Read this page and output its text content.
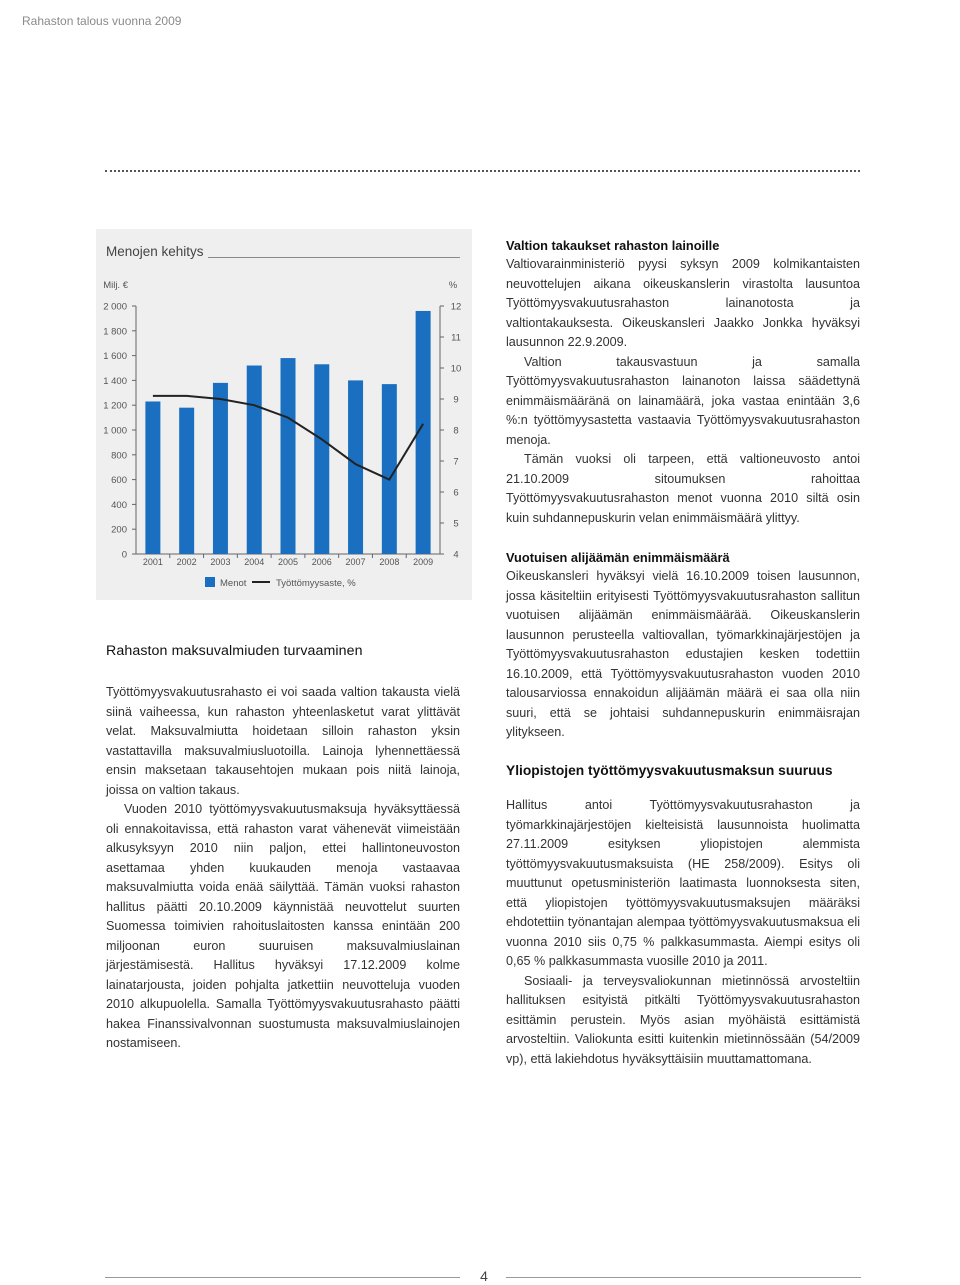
Rahaston talous vuonna 2009
Menojen kehitys
Milj. €	%
0
200
400
600
800
1 000
1 200
1 400
1 600
1 800
2 000
4
5
6
7
8
9
10
11
12
2001 2002 2003 2004 2005 2006 2007 2008 2009
Menot	Työttömyysaste, %
Rahaston maksuvalmiuden turvaaminen

Työttömyysvakuutusrahasto ei voi saada valtion takausta vielä siinä vaiheessa, kun rahaston yhteenlasketut varat ylittävät velat. Maksuvalmiutta hoidetaan silloin rahaston yksin vastattavilla maksuvalmiusluotoilla. Lainoja lyhennettäessä ensin maksetaan takausehtojen mukaan pois niitä lainoja, joissa on valtion takaus.

Vuoden 2010 työttömyysvakuutusmaksuja hyväksyttäessä oli ennakoitavissa, että rahaston varat vähenevät viimeistään alkusyksyyn 2010 niin paljon, ettei hallintoneuvoston asettamaa yhden kuukauden menoja vastaavaa maksuvalmiutta voida enää säilyttää. Tämän vuoksi rahaston hallitus päätti 20.10.2009 käynnistää neuvottelut suurten Suomessa toimivien rahoituslaitosten kanssa enintään 200 miljoonan euron suuruisen maksuvalmiuslainan järjestämisestä. Hallitus hyväksyi 17.12.2009 kolme lainatarjousta, joiden pohjalta jatkettiin neuvotteluja vuoden 2010 alkupuolella. Samalla Työttömyysvakuutusrahasto päätti hakea Finanssivalvonnan suostumusta maksuvalmiuslainojen nostamiseen.

Valtion takaukset rahaston lainoille

Valtiovarainministeriö pyysi syksyn 2009 kolmikantaisten neuvottelujen aikana oikeuskanslerin virastolta lausuntoa Työttömyysvakuutusrahaston lainanotosta ja valtiontakauksesta. Oikeuskansleri Jaakko Jonkka hyväksyi lausunnon 22.9.2009.

Valtion takausvastuun ja samalla Työttömyysvakuutusrahaston lainanoton laissa säädettynä enimmäismääränä on lainamäärä, joka vastaa enintään 3,6 %:n työttömyysastetta vastaavia Työttömyysvakuutusrahaston menoja.

Tämän vuoksi oli tarpeen, että valtioneuvosto antoi 21.10.2009 sitoumuksen rahoittaa Työttömyysvakuutusrahaston menot vuonna 2010 siltä osin kuin suhdannepuskurin velan enimmäismäärä ylittyy.

Vuotuisen alijäämän enimmäismäärä

Oikeuskansleri hyväksyi vielä 16.10.2009 toisen lausunnon, jossa käsiteltiin erityisesti Työttömyysvakuutusrahaston sallitun vuotuisen alijäämän enimmäismäärää. Oikeuskanslerin lausunnon perusteella valtiovallan, työmarkkinajärjestöjen ja Työttömyysvakuutusrahaston edustajien kesken todettiin 16.10.2009, että Työttömyysvakuutusrahaston vuoden 2010 talousarviossa ennakoidun alijäämän määrä ei saa olla niin suuri, että se johtaisi suhdannepuskurin enimmäisrajan ylitykseen.

Yliopistojen työttömyysvakuutusmaksun suuruus

Hallitus antoi Työttömyysvakuutusrahaston ja työmarkkinajärjestöjen kielteisistä lausunnoista huolimatta 27.11.2009 esityksen yliopistojen alemmista työttömyysvakuutusmaksuista (HE 258/2009). Esitys oli muuttunut opetusministeriön laatimasta luonnoksesta siten, että yliopistojen työttömyysvakuutusmaksujen määräksi ehdotettiin työnantajan alempaa työttömyysvakuutusmaksua eli vuonna 2010 siis 0,75 % palkkasummasta. Aiempi esitys oli 0,65 % palkkasummasta vuosille 2010 ja 2011.

Sosiaali- ja terveysvaliokunnan mietinnössä arvosteltiin hallituksen esityistä pitkälti Työttömyysvakuutusrahaston esittämin perustein. Myös asian myöhäistä esittämistä arvosteltiin. Valiokunta esitti kuitenkin mietinnössään (54/2009 vp), että lakiehdotus hyväksyttäisiin muuttamattomana.

4
